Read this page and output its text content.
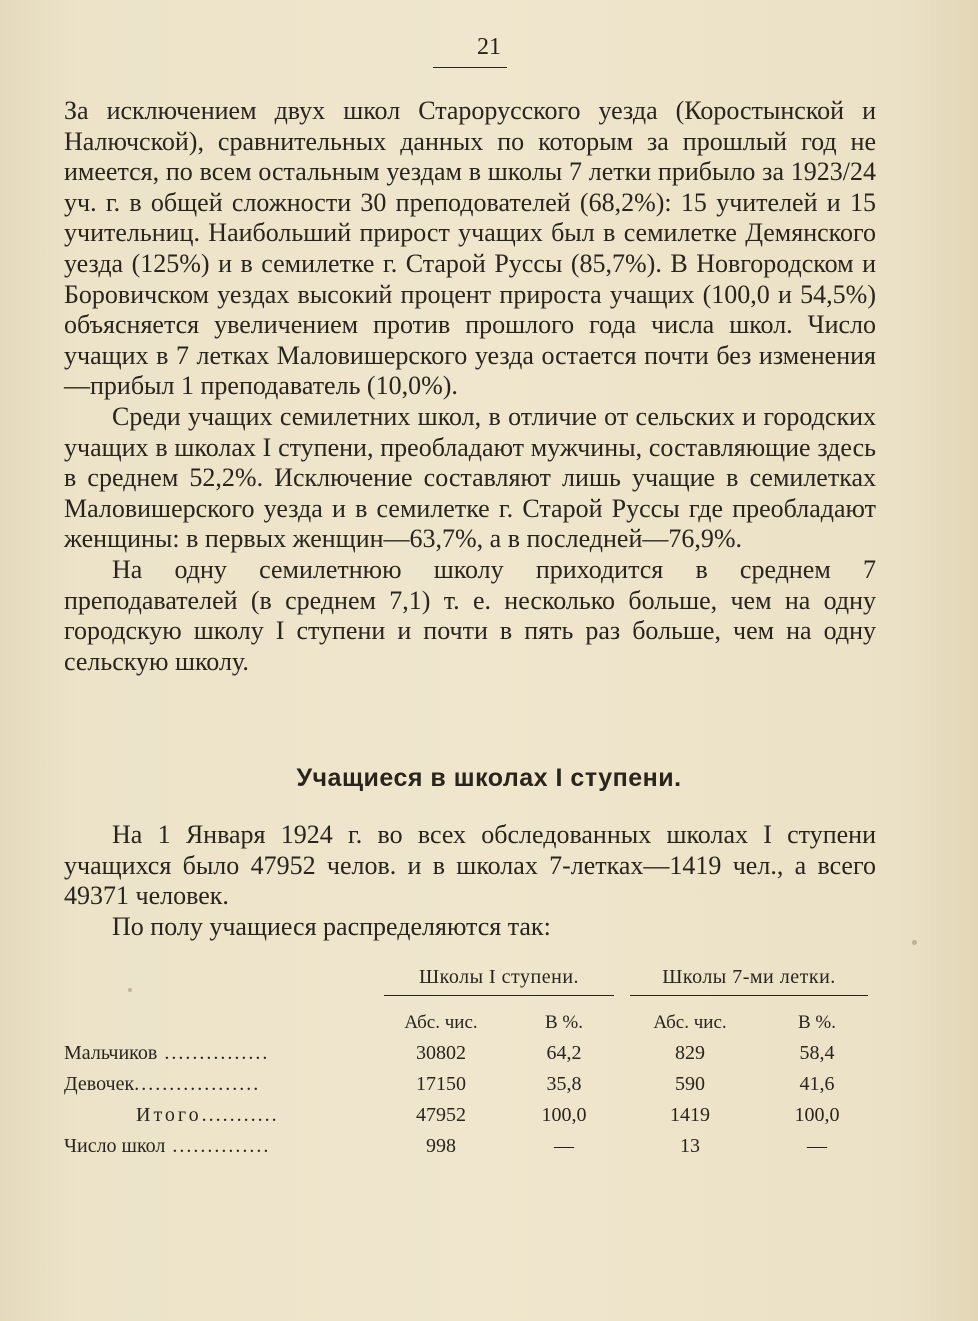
21

За исключением двух школ Старорусского уезда (Коростынской и Налючской), сравнительных данных по которым за прошлый год не имеется, по всем остальным уездам в школы 7 летки прибыло за 1923/24 уч. г. в общей сложности 30 преподователей (68,2%): 15 учителей и 15 учительниц. Наибольший прирост учащих был в семилетке Демянского уезда (125%) и в семилетке г. Старой Руссы (85,7%). В Новгородском и Боровичском уездах высокий процент прироста учащих (100,0 и 54,5%) объясняется увеличением против прошлого года числа школ. Число учащих в 7 летках Маловишерского уезда остается почти без изменения—прибыл 1 преподаватель (10,0%).

Среди учащих семилетних школ, в отличие от сельских и городских учащих в школах I ступени, преобладают мужчины, составляющие здесь в среднем 52,2%. Исключение составляют лишь учащие в семилетках Маловишерского уезда и в семилетке г. Старой Руссы где преобладают женщины: в первых женщин—63,7%, а в последней—76,9%.

На одну семилетнюю школу приходится в среднем 7 преподавателей (в среднем 7,1) т. е. несколько больше, чем на одну городскую школу I ступени и почти в пять раз больше, чем на одну сельскую школу.

Учащиеся в школах I ступени.

На 1 Января 1924 г. во всех обследованных школах I ступени учащихся было 47952 челов. и в школах 7-летках—1419 чел., а всего 49371 человек.

По полу учащиеся распределяются так:

	Школы I ступени.		Школы 7-ми летки.	

	Абс. чис.	В %.	Абс. чис.	В %.
Мальчиков ...............	30802	64,2	829	58,4
Девочек..................	17150	35,8	590	41,6
Итого...........	47952	100,0	1419	100,0
Число школ ..............	998	—	13	—
